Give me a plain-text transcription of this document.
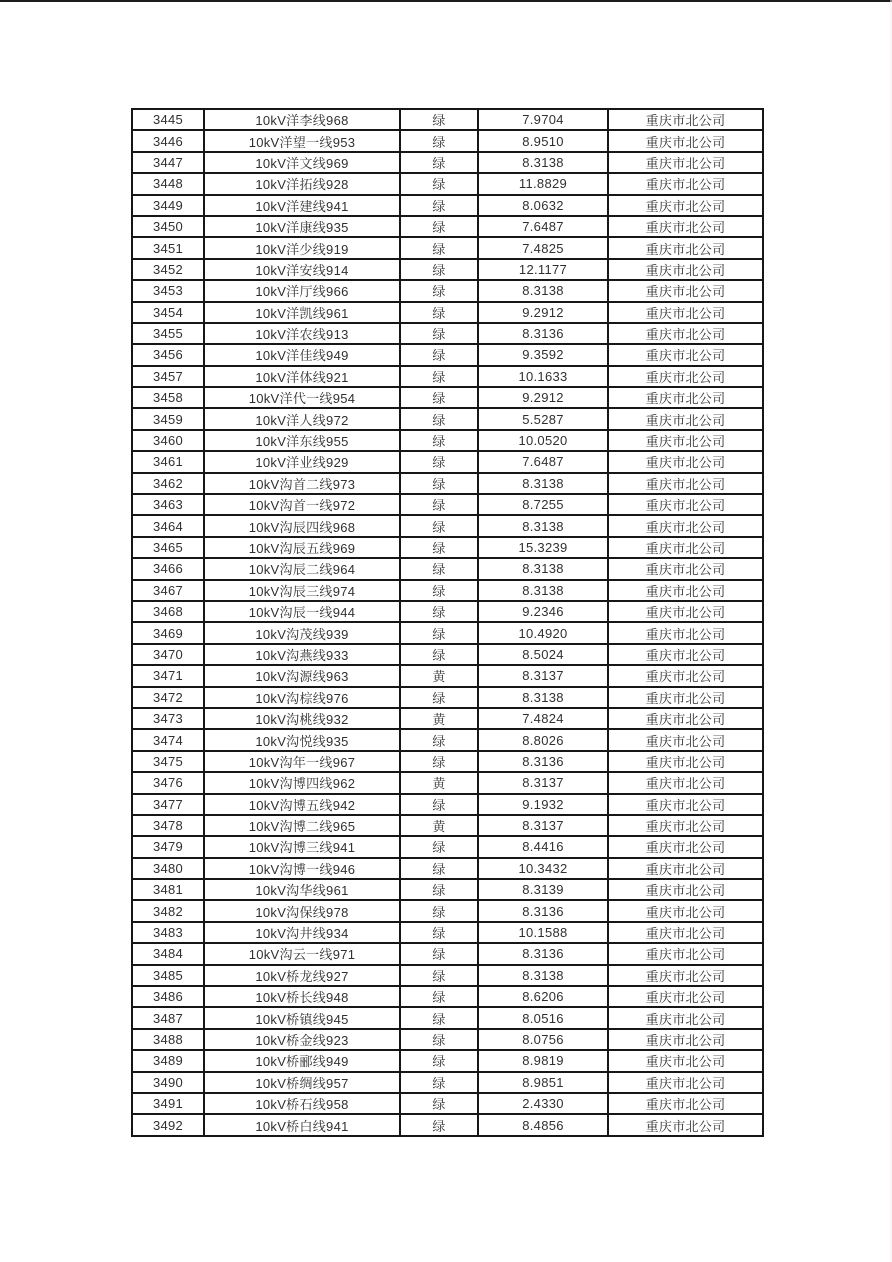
3445	10kV洋李线968	绿	7.9704	重庆市北公司
3446	10kV洋望一线953	绿	8.9510	重庆市北公司
3447	10kV洋文线969	绿	8.3138	重庆市北公司
3448	10kV洋拓线928	绿	11.8829	重庆市北公司
3449	10kV洋建线941	绿	8.0632	重庆市北公司
3450	10kV洋康线935	绿	7.6487	重庆市北公司
3451	10kV洋少线919	绿	7.4825	重庆市北公司
3452	10kV洋安线914	绿	12.1177	重庆市北公司
3453	10kV洋厅线966	绿	8.3138	重庆市北公司
3454	10kV洋凯线961	绿	9.2912	重庆市北公司
3455	10kV洋农线913	绿	8.3136	重庆市北公司
3456	10kV洋佳线949	绿	9.3592	重庆市北公司
3457	10kV洋体线921	绿	10.1633	重庆市北公司
3458	10kV洋代一线954	绿	9.2912	重庆市北公司
3459	10kV洋人线972	绿	5.5287	重庆市北公司
3460	10kV洋东线955	绿	10.0520	重庆市北公司
3461	10kV洋业线929	绿	7.6487	重庆市北公司
3462	10kV沟首二线973	绿	8.3138	重庆市北公司
3463	10kV沟首一线972	绿	8.7255	重庆市北公司
3464	10kV沟辰四线968	绿	8.3138	重庆市北公司
3465	10kV沟辰五线969	绿	15.3239	重庆市北公司
3466	10kV沟辰二线964	绿	8.3138	重庆市北公司
3467	10kV沟辰三线974	绿	8.3138	重庆市北公司
3468	10kV沟辰一线944	绿	9.2346	重庆市北公司
3469	10kV沟茂线939	绿	10.4920	重庆市北公司
3470	10kV沟燕线933	绿	8.5024	重庆市北公司
3471	10kV沟源线963	黄	8.3137	重庆市北公司
3472	10kV沟棕线976	绿	8.3138	重庆市北公司
3473	10kV沟桃线932	黄	7.4824	重庆市北公司
3474	10kV沟悦线935	绿	8.8026	重庆市北公司
3475	10kV沟年一线967	绿	8.3136	重庆市北公司
3476	10kV沟博四线962	黄	8.3137	重庆市北公司
3477	10kV沟博五线942	绿	9.1932	重庆市北公司
3478	10kV沟博二线965	黄	8.3137	重庆市北公司
3479	10kV沟博三线941	绿	8.4416	重庆市北公司
3480	10kV沟博一线946	绿	10.3432	重庆市北公司
3481	10kV沟华线961	绿	8.3139	重庆市北公司
3482	10kV沟保线978	绿	8.3136	重庆市北公司
3483	10kV沟井线934	绿	10.1588	重庆市北公司
3484	10kV沟云一线971	绿	8.3136	重庆市北公司
3485	10kV桥龙线927	绿	8.3138	重庆市北公司
3486	10kV桥长线948	绿	8.6206	重庆市北公司
3487	10kV桥镇线945	绿	8.0516	重庆市北公司
3488	10kV桥金线923	绿	8.0756	重庆市北公司
3489	10kV桥郦线949	绿	8.9819	重庆市北公司
3490	10kV桥绸线957	绿	8.9851	重庆市北公司
3491	10kV桥石线958	绿	2.4330	重庆市北公司
3492	10kV桥白线941	绿	8.4856	重庆市北公司
